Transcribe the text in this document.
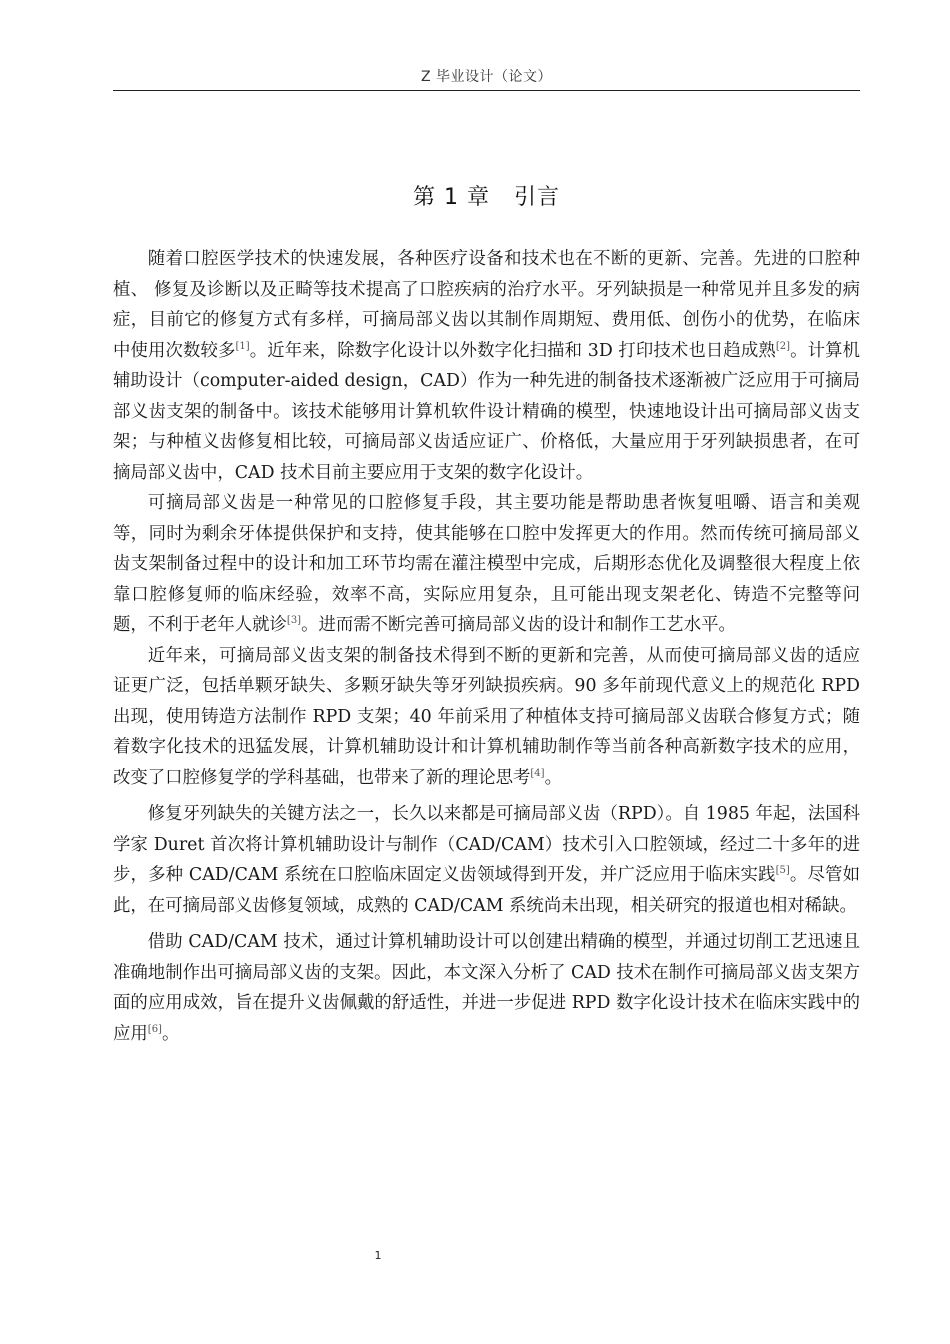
Z 毕业设计（论文）
第 1 章 引言

随着口腔医学技术的快速发展，各种医疗设备和技术也在不断的更新、完善。先进的口腔种植、 修复及诊断以及正畸等技术提高了口腔疾病的治疗水平。牙列缺损是一种常见并且多发的病症，目前它的修复方式有多样，可摘局部义齿以其制作周期短、费用低、创伤小的优势，在临床中使用次数较多[1]。近年来，除数字化设计以外数字化扫描和 3D 打印技术也日趋成熟[2]。计算机辅助设计（computer-aided design，CAD）作为一种先进的制备技术逐渐被广泛应用于可摘局部义齿支架的制备中。该技术能够用计算机软件设计精确的模型，快速地设计出可摘局部义齿支架；与种植义齿修复相比较，可摘局部义齿适应证广、价格低，大量应用于牙列缺损患者，在可摘局部义齿中，CAD 技术目前主要应用于支架的数字化设计。

可摘局部义齿是一种常见的口腔修复手段，其主要功能是帮助患者恢复咀嚼、语言和美观等，同时为剩余牙体提供保护和支持，使其能够在口腔中发挥更大的作用。然而传统可摘局部义齿支架制备过程中的设计和加工环节均需在灌注模型中完成，后期形态优化及调整很大程度上依靠口腔修复师的临床经验，效率不高，实际应用复杂，且可能出现支架老化、铸造不完整等问题，不利于老年人就诊[3]。进而需不断完善可摘局部义齿的设计和制作工艺水平。

近年来，可摘局部义齿支架的制备技术得到不断的更新和完善，从而使可摘局部义齿的适应证更广泛，包括单颗牙缺失、多颗牙缺失等牙列缺损疾病。90 多年前现代意义上的规范化 RPD 出现，使用铸造方法制作 RPD 支架；40 年前采用了种植体支持可摘局部义齿联合修复方式；随着数字化技术的迅猛发展，计算机辅助设计和计算机辅助制作等当前各种高新数字技术的应用，改变了口腔修复学的学科基础，也带来了新的理论思考[4]。

修复牙列缺失的关键方法之一，长久以来都是可摘局部义齿（RPD）。自 1985 年起，法国科学家 Duret 首次将计算机辅助设计与制作（CAD/CAM）技术引入口腔领域，经过二十多年的进步，多种 CAD/CAM 系统在口腔临床固定义齿领域得到开发，并广泛应用于临床实践[5]。尽管如此，在可摘局部义齿修复领域，成熟的 CAD/CAM 系统尚未出现，相关研究的报道也相对稀缺。

借助 CAD/CAM 技术，通过计算机辅助设计可以创建出精确的模型，并通过切削工艺迅速且准确地制作出可摘局部义齿的支架。因此，本文深入分析了 CAD 技术在制作可摘局部义齿支架方面的应用成效，旨在提升义齿佩戴的舒适性，并进一步促进 RPD 数字化设计技术在临床实践中的应用[6]。

1
